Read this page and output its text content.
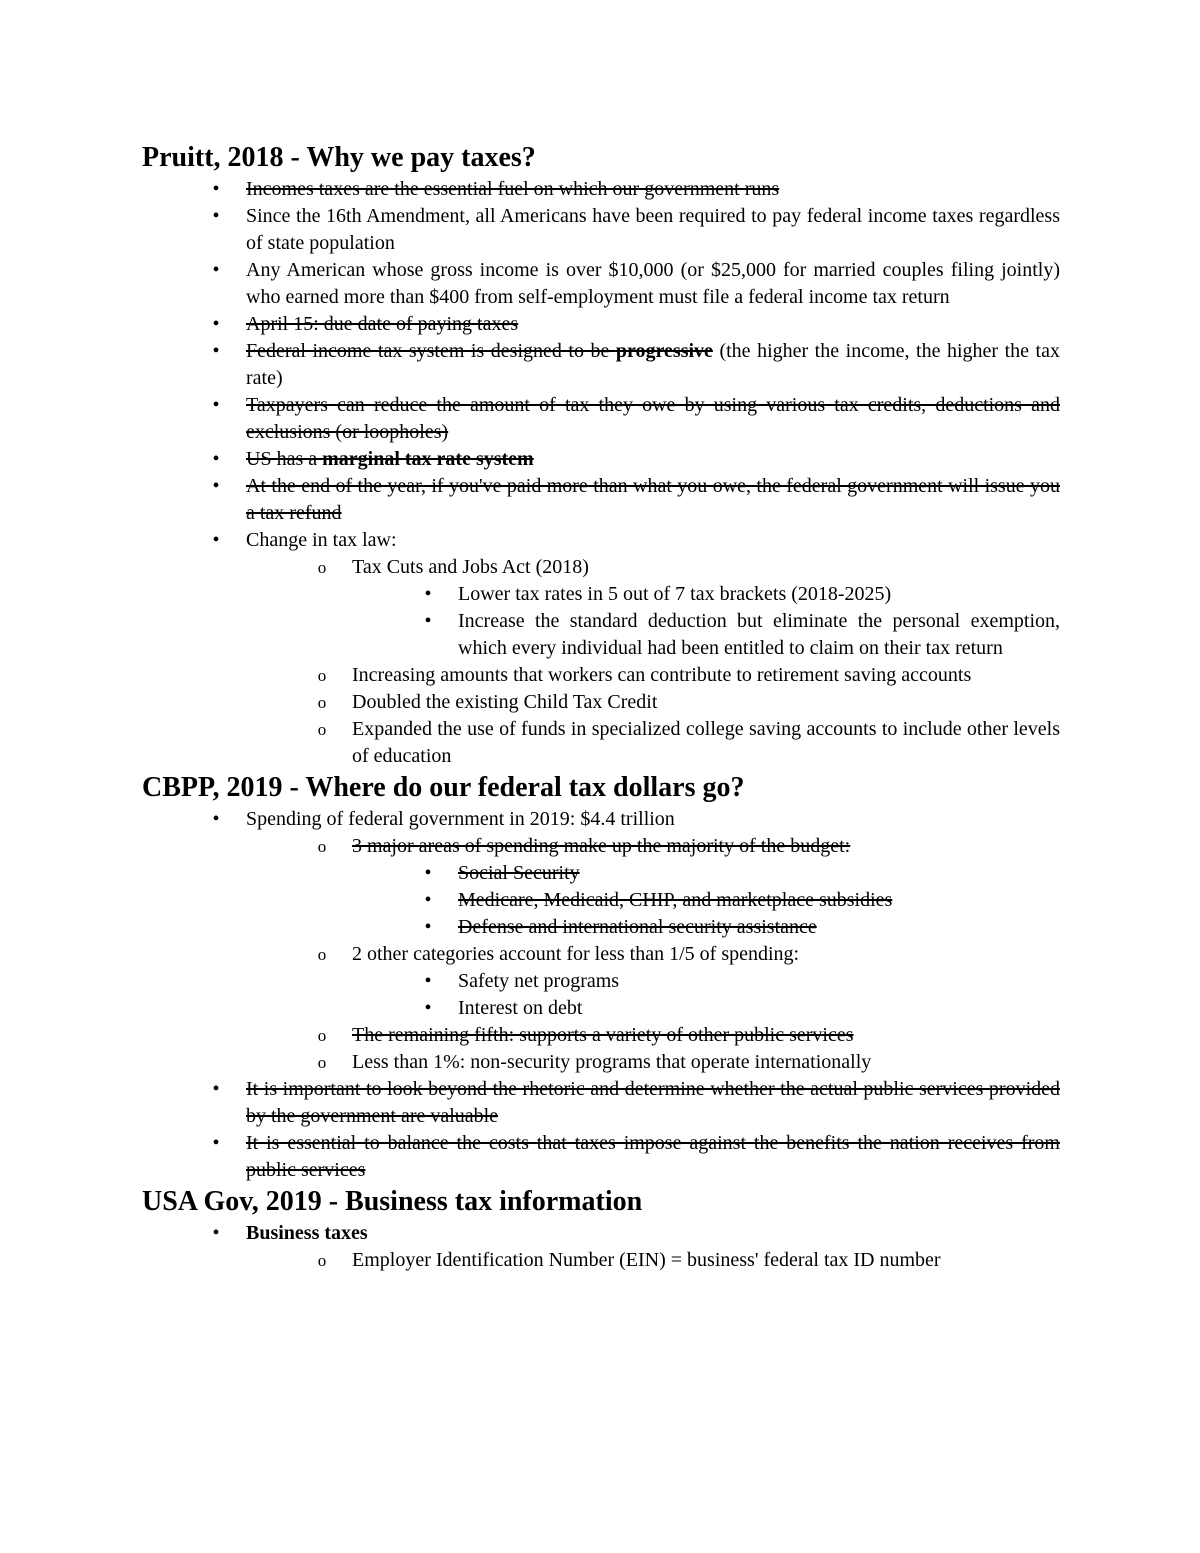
Pruitt, 2018 - Why we pay taxes?
•	Incomes taxes are the essential fuel on which our government runs
•	Since the 16th Amendment, all Americans have been required to pay federal income taxes regardless of state population
•	Any American whose gross income is over $10,000 (or $25,000 for married couples filing jointly) who earned more than $400 from self-employment must file a federal income tax return
•	April 15: due date of paying taxes
•	Federal income tax system is designed to be progressive (the higher the income, the higher the tax rate)
•	Taxpayers can reduce the amount of tax they owe by using various tax credits, deductions and exclusions (or loopholes)
•	US has a marginal tax rate system
•	At the end of the year, if you've paid more than what you owe, the federal government will issue you a tax refund
•	Change in tax law:
o Tax Cuts and Jobs Act (2018)
•	Lower tax rates in 5 out of 7 tax brackets (2018-2025)
•	Increase the standard deduction but eliminate the personal exemption, which every individual had been entitled to claim on their tax return
o Increasing amounts that workers can contribute to retirement saving accounts
o Doubled the existing Child Tax Credit
o Expanded the use of funds in specialized college saving accounts to include other levels of education
CBPP, 2019 - Where do our federal tax dollars go?
•	Spending of federal government in 2019: $4.4 trillion
o 3 major areas of spending make up the majority of the budget:
•	Social Security
•	Medicare, Medicaid, CHIP, and marketplace subsidies
•	Defense and international security assistance
o 2 other categories account for less than 1/5 of spending:
•	Safety net programs
•	Interest on debt
o The remaining fifth: supports a variety of other public services
o Less than 1%: non-security programs that operate internationally
•	It is important to look beyond the rhetoric and determine whether the actual public services provided by the government are valuable
•	It is essential to balance the costs that taxes impose against the benefits the nation receives from public services
USA Gov, 2019 - Business tax information
•	Business taxes
o Employer Identification Number (EIN) = business' federal tax ID number
